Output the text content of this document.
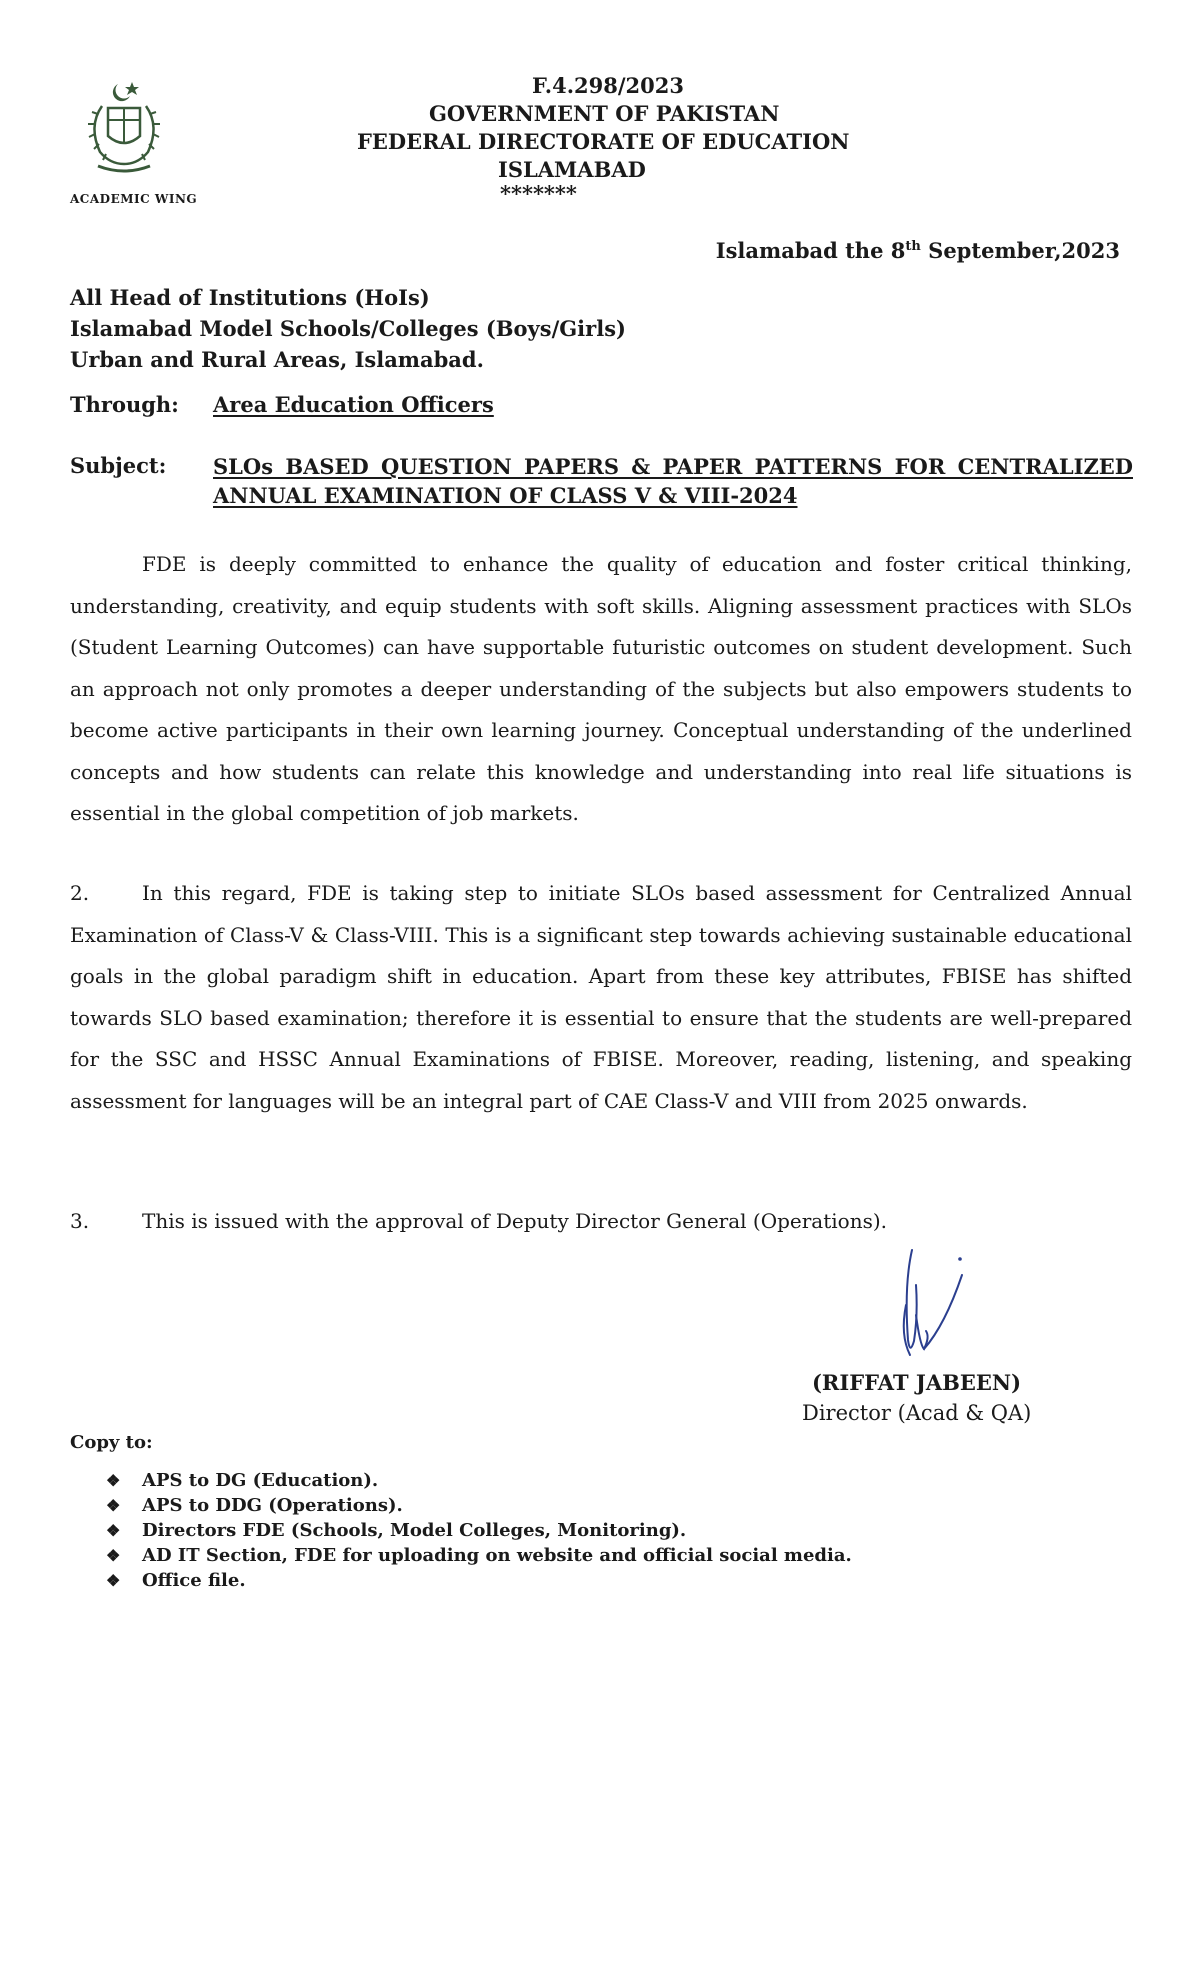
ACADEMIC WING
F.4.298/2023
GOVERNMENT OF PAKISTAN
FEDERAL DIRECTORATE OF EDUCATION
ISLAMABAD
*******
Islamabad the 8th September,2023
All Head of Institutions (HoIs)
Islamabad Model Schools/Colleges (Boys/Girls)
Urban and Rural Areas, Islamabad.
Through: Area Education Officers
Subject: SLOs BASED QUESTION PAPERS & PAPER PATTERNS FOR CENTRALIZED ANNUAL EXAMINATION OF CLASS V & VIII-2024
FDE is deeply committed to enhance the quality of education and foster critical thinking, understanding, creativity, and equip students with soft skills. Aligning assessment practices with SLOs (Student Learning Outcomes) can have supportable futuristic outcomes on student development. Such an approach not only promotes a deeper understanding of the subjects but also empowers students to become active participants in their own learning journey. Conceptual understanding of the underlined concepts and how students can relate this knowledge and understanding into real life situations is essential in the global competition of job markets.
2.	In this regard, FDE is taking step to initiate SLOs based assessment for Centralized Annual Examination of Class-V & Class-VIII. This is a significant step towards achieving sustainable educational goals in the global paradigm shift in education. Apart from these key attributes, FBISE has shifted towards SLO based examination; therefore it is essential to ensure that the students are well-prepared for the SSC and HSSC Annual Examinations of FBISE. Moreover, reading, listening, and speaking assessment for languages will be an integral part of CAE Class-V and VIII from 2025 onwards.
3.	This is issued with the approval of Deputy Director General (Operations).
(RIFFAT JABEEN)
Director (Acad & QA)
Copy to:
❖ APS to DG (Education).
❖ APS to DDG (Operations).
❖ Directors FDE (Schools, Model Colleges, Monitoring).
❖ AD IT Section, FDE for uploading on website and official social media.
❖ Office file.
